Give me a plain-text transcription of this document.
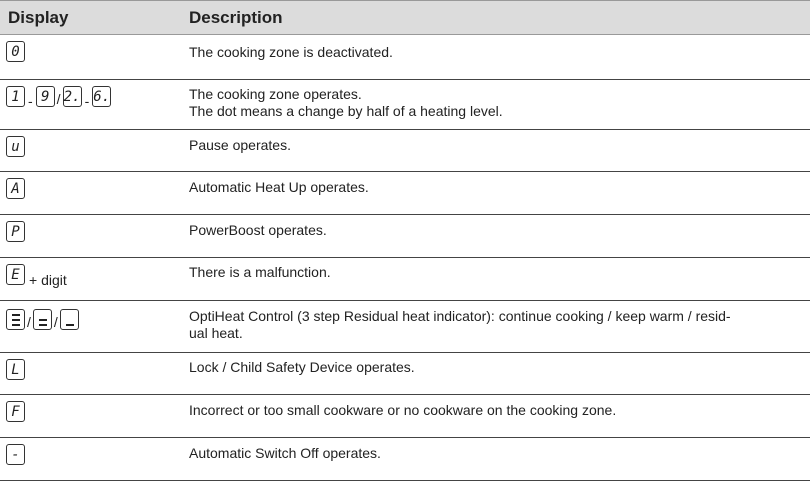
Display	Description
0	The cooking zone is deactivated.

1 - 9 / 2. - 6.	The cooking zone operates.
The dot means a change by half of a heating level.

u	Pause operates.

A	Automatic Heat Up operates.

P	PowerBoost operates.

E + digit	There is a malfunction.

/ /	OptiHeat Control (3 step Residual heat indicator): continue cooking / keep warm / resid-
ual heat.

L	Lock / Child Safety Device operates.

F	Incorrect or too small cookware or no cookware on the cooking zone.

-	Automatic Switch Off operates.
